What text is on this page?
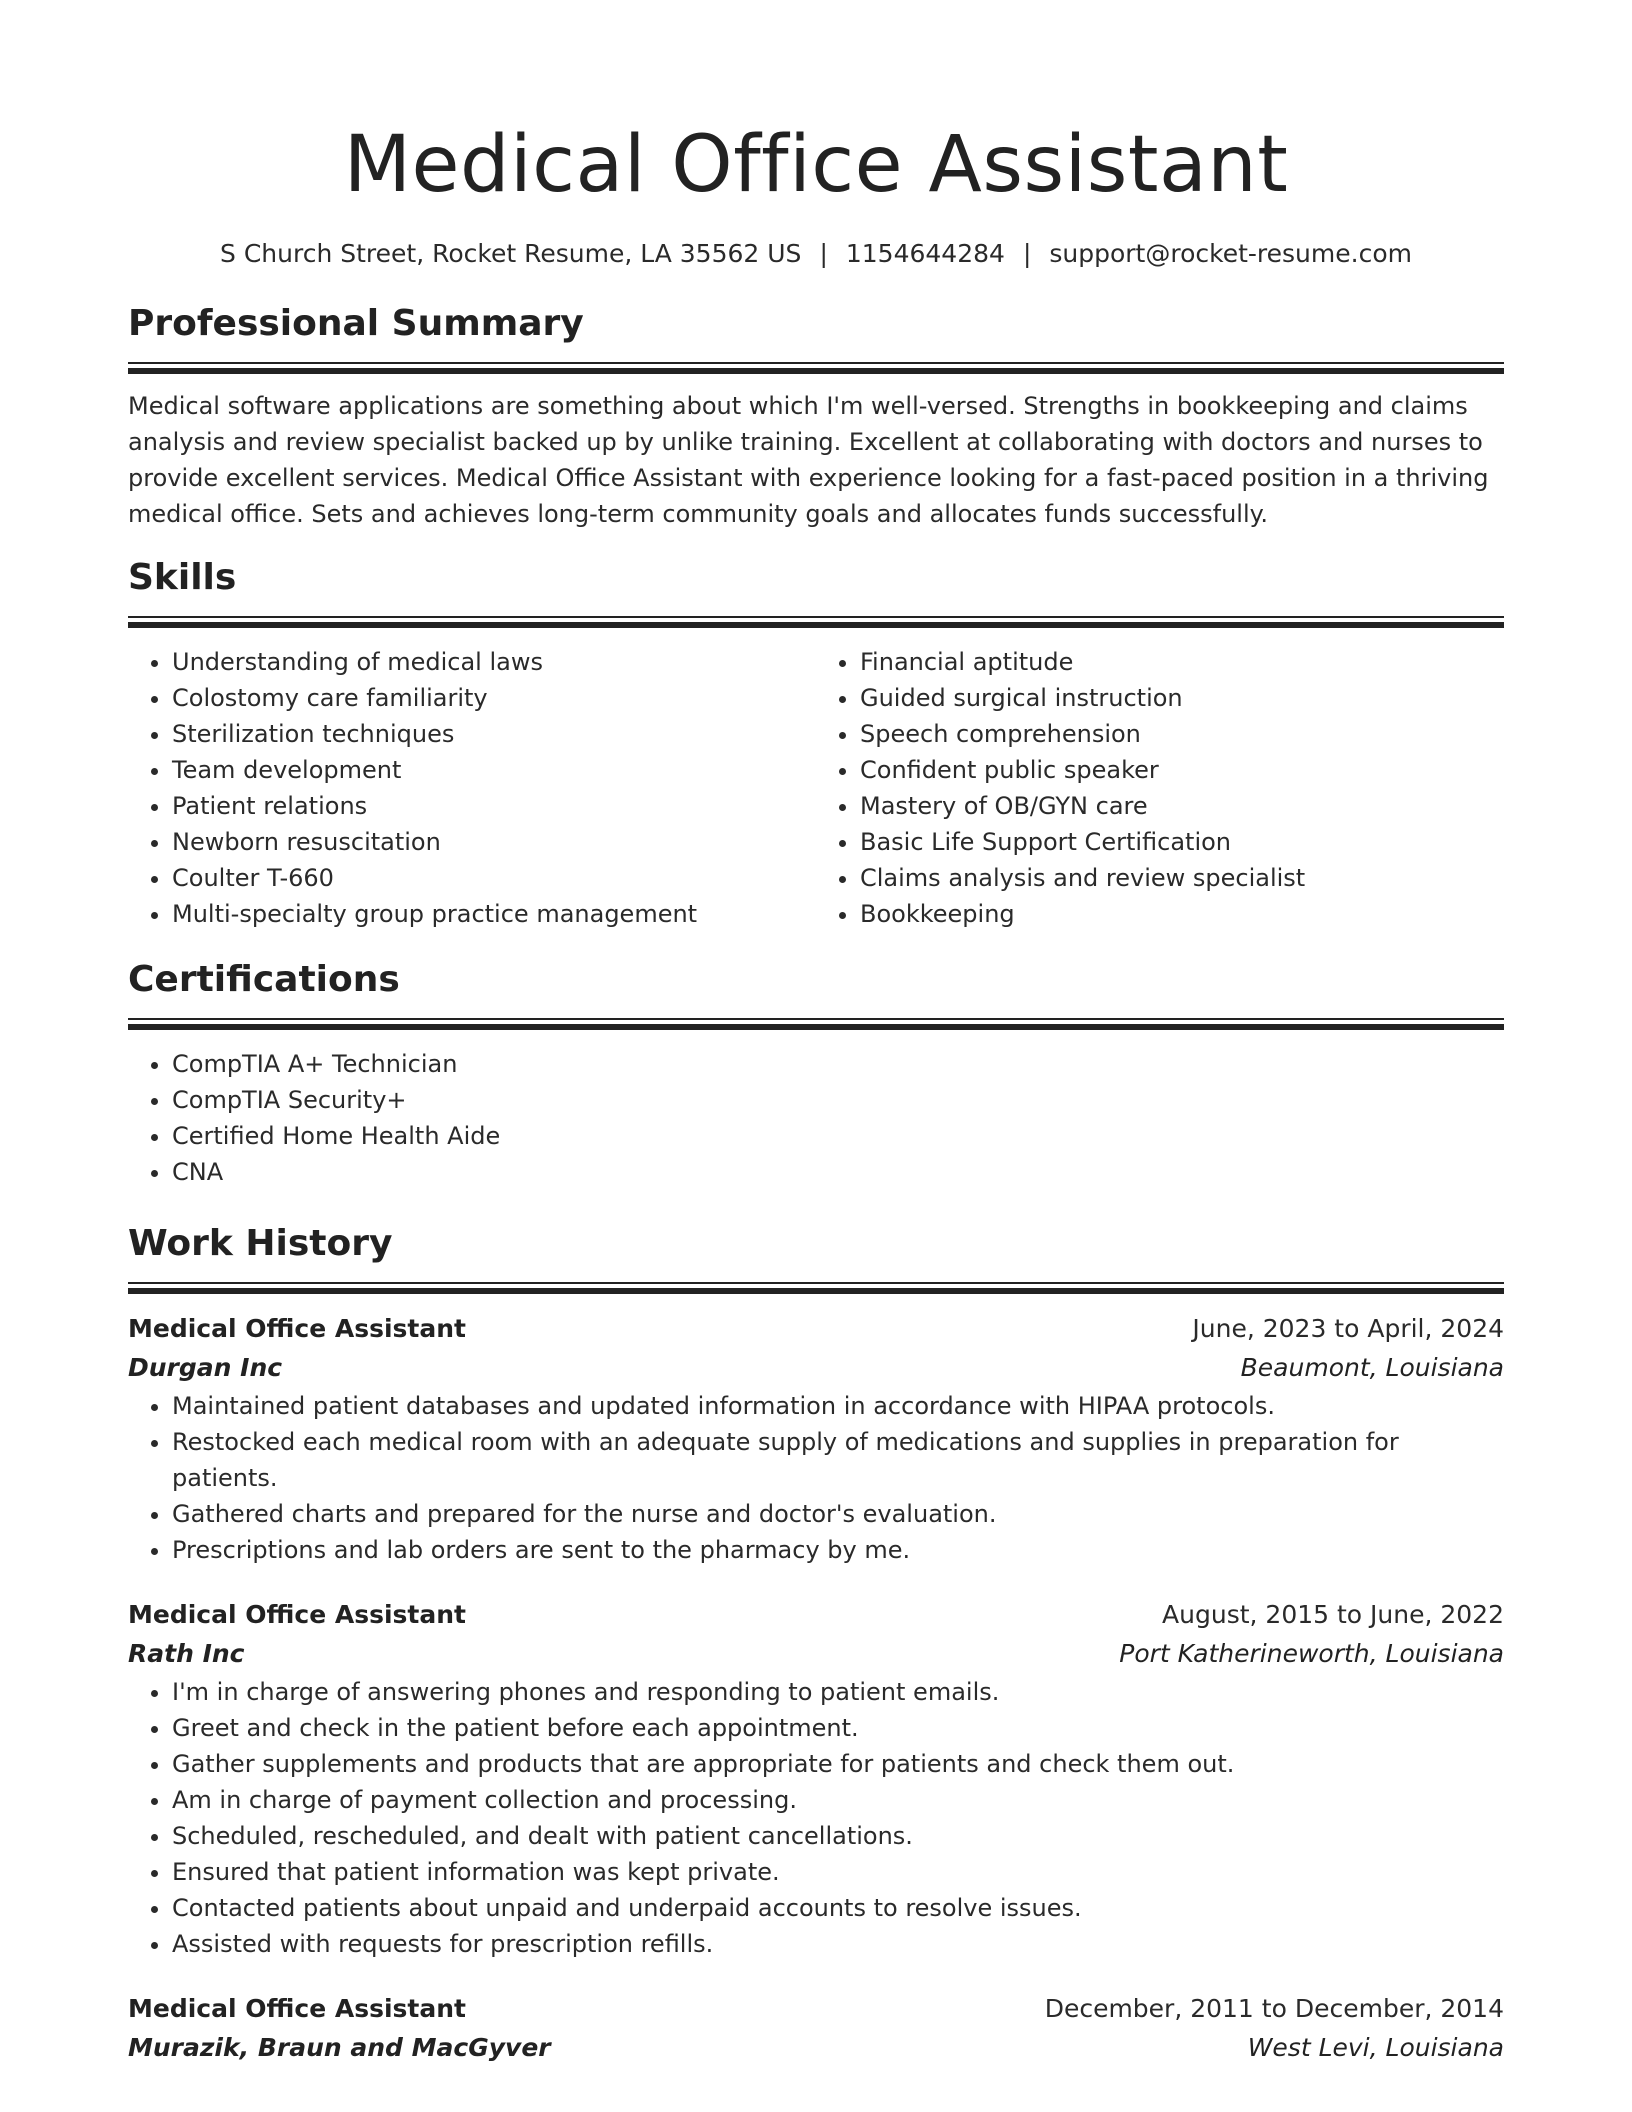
Medical Office Assistant
S Church Street, Rocket Resume, LA 35562 US | 1154644284 | support@rocket-resume.com
Professional Summary

Medical software applications are something about which I'm well-versed. Strengths in bookkeeping and claims analysis and review specialist backed up by unlike training. Excellent at collaborating with doctors and nurses to provide excellent services. Medical Office Assistant with experience looking for a fast-paced position in a thriving medical office. Sets and achieves long-term community goals and allocates funds successfully.

Skills
• Understanding of medical laws
• Colostomy care familiarity
• Sterilization techniques
• Team development
• Patient relations
• Newborn resuscitation
• Coulter T-660
• Multi-specialty group practice management
• Financial aptitude
• Guided surgical instruction
• Speech comprehension
• Confident public speaker
• Mastery of OB/GYN care
• Basic Life Support Certification
• Claims analysis and review specialist
• Bookkeeping
Certifications
• CompTIA A+ Technician
• CompTIA Security+
• Certified Home Health Aide
• CNA
Work History
Medical Office Assistant	June, 2023 to April, 2024
Durgan Inc	Beaumont, Louisiana
• Maintained patient databases and updated information in accordance with HIPAA protocols.
• Restocked each medical room with an adequate supply of medications and supplies in preparation for patients.
• Gathered charts and prepared for the nurse and doctor's evaluation.
• Prescriptions and lab orders are sent to the pharmacy by me.
Medical Office Assistant	August, 2015 to June, 2022
Rath Inc	Port Katherineworth, Louisiana
• I'm in charge of answering phones and responding to patient emails.
• Greet and check in the patient before each appointment.
• Gather supplements and products that are appropriate for patients and check them out.
• Am in charge of payment collection and processing.
• Scheduled, rescheduled, and dealt with patient cancellations.
• Ensured that patient information was kept private.
• Contacted patients about unpaid and underpaid accounts to resolve issues.
• Assisted with requests for prescription refills.
Medical Office Assistant	December, 2011 to December, 2014
Murazik, Braun and MacGyver	West Levi, Louisiana
